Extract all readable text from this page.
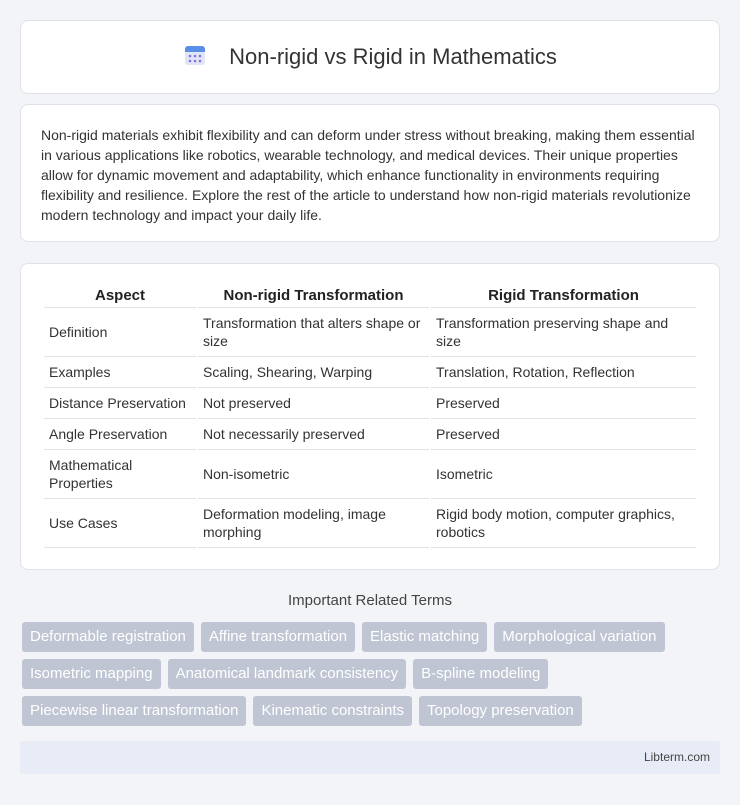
Non-rigid vs Rigid in Mathematics

Non-rigid materials exhibit flexibility and can deform under stress without breaking, making them essential in various applications like robotics, wearable technology, and medical devices. Their unique properties allow for dynamic movement and adaptability, which enhance functionality in environments requiring flexibility and resilience. Explore the rest of the article to understand how non-rigid materials revolutionize modern technology and impact your daily life.

Aspect	Non-rigid Transformation	Rigid Transformation
Definition	Transformation that alters shape or size	Transformation preserving shape and size
Examples	Scaling, Shearing, Warping	Translation, Rotation, Reflection
Distance Preservation	Not preserved	Preserved
Angle Preservation	Not necessarily preserved	Preserved
Mathematical Properties	Non-isometric	Isometric
Use Cases	Deformation modeling, image morphing	Rigid body motion, computer graphics, robotics
Important Related Terms
Deformable registration	Affine transformation	Elastic matching	Morphological variation
Isometric mapping	Anatomical landmark consistency	B-spline modeling
Piecewise linear transformation	Kinematic constraints	Topology preservation
Libterm.com
